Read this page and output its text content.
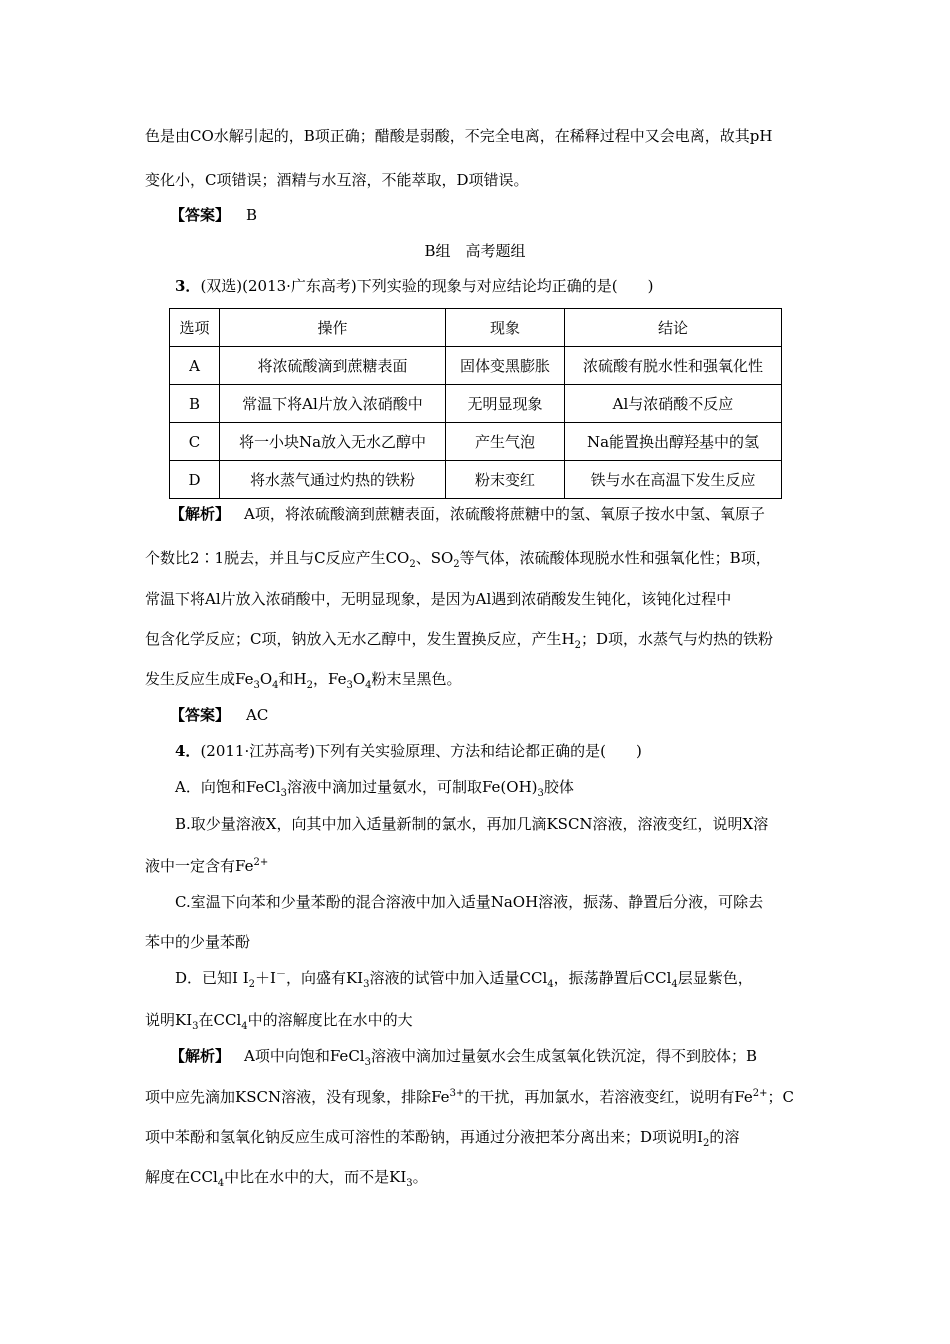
色是由CO水解引起的，B项正确；醋酸是弱酸，不完全电离，在稀释过程中又会电离，故其pH
变化小，C项错误；酒精与水互溶，不能萃取，D项错误。
【答案】 B
B组　高考题组
3．(双选)(2013·广东高考)下列实验的现象与对应结论均正确的是(　　)
选项	操作	现象	结论
A	将浓硫酸滴到蔗糖表面	固体变黑膨胀	浓硫酸有脱水性和强氧化性
B	常温下将Al片放入浓硝酸中	无明显现象	Al与浓硝酸不反应
C	将一小块Na放入无水乙醇中	产生气泡	Na能置换出醇羟基中的氢
D	将水蒸气通过灼热的铁粉	粉末变红	铁与水在高温下发生反应
【解析】 A项，将浓硫酸滴到蔗糖表面，浓硫酸将蔗糖中的氢、氧原子按水中氢、氧原子
个数比2∶1脱去，并且与C反应产生$CO_2$、$SO_2$等气体，浓硫酸体现脱水性和强氧化性；B项，
常温下将Al片放入浓硝酸中，无明显现象，是因为Al遇到浓硝酸发生钝化，该钝化过程中
包含化学反应；C项，钠放入无水乙醇中，发生置换反应，产生$H_2$；D项，水蒸气与灼热的铁粉
发生反应生成$Fe_3O_4$和$H_2$，$Fe_3O_4$粉末呈黑色。
【答案】 AC
4．(2011·江苏高考)下列有关实验原理、方法和结论都正确的是(　　)
A．向饱和FeCl$_3$溶液中滴加过量氨水，可制取$Fe(OH)_3$胶体
B.取少量溶液X，向其中加入适量新制的氯水，再加几滴KSCN溶液，溶液变红，说明X溶
液中一定含有$Fe^{2+}$
C.室温下向苯和少量苯酚的混合溶液中加入适量NaOH溶液，振荡、静置后分液，可除去
苯中的少量苯酚
D．已知I $I_2+I^-$，向盛有$KI_3$溶液的试管中加入适量CCl$_4$，振荡静置后CCl$_4$层显紫色，
说明$KI_3$在CCl$_4$中的溶解度比在水中的大
【解析】 A项中向饱和FeCl$_3$溶液中滴加过量氨水会生成氢氧化铁沉淀，得不到胶体；B
项中应先滴加KSCN溶液，没有现象，排除$Fe^{3+}$的干扰，再加氯水，若溶液变红，说明有$Fe^{2+}$；C
项中苯酚和氢氧化钠反应生成可溶性的苯酚钠，再通过分液把苯分离出来；D项说明$I_2$的溶
解度在CCl$_4$中比在水中的大，而不是$KI_3$。
